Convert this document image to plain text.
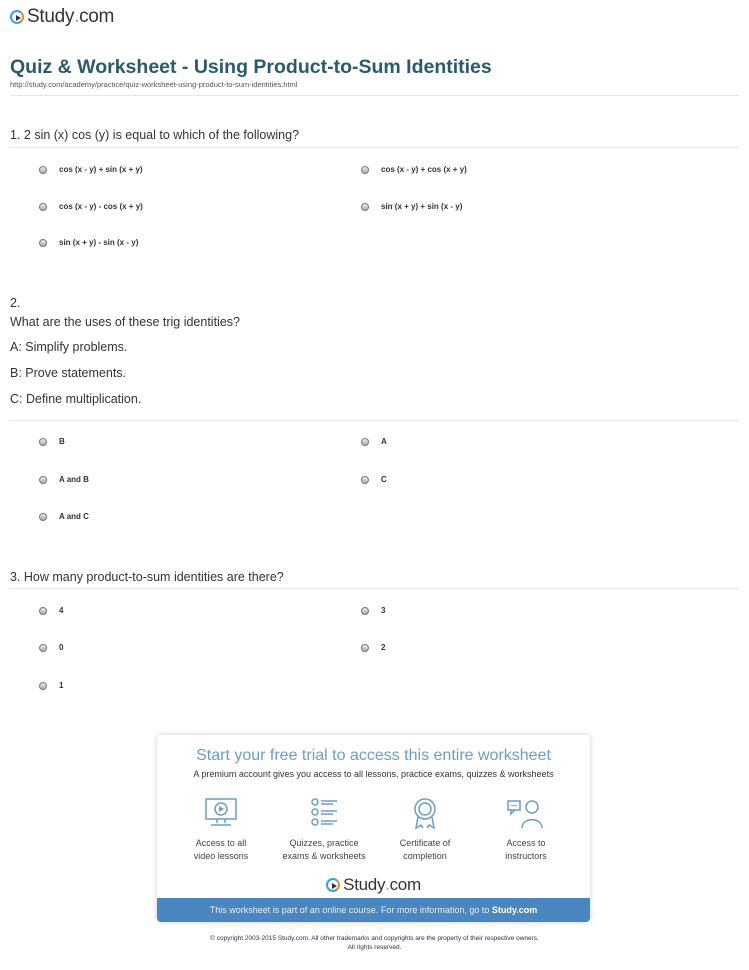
Study . com
Quiz & Worksheet - Using Product-to-Sum Identities
http://study.com/academy/practice/quiz-worksheet-using-product-to-sum-identities.html
1. 2 sin (x) cos (y) is equal to which of the following?
cos (x - y) + sin (x + y)	cos (x - y) + cos (x + y)
cos (x - y) - cos (x + y)	sin (x + y) + sin (x - y)
sin (x + y) - sin (x - y)
2.
What are the uses of these trig identities?
A: Simplify problems.
B: Prove statements.
C: Define multiplication.
B	A
A and B	C
A and C
3. How many product-to-sum identities are there?
4	3
0	2
1
Start your free trial to access this entire worksheet
A premium account gives you access to all lessons, practice exams, quizzes & worksheets
Access to all
video lessons
Quizzes, practice
exams & worksheets
Certificate of
completion
Access to
instructors
Study . com
This worksheet is part of an online course. For more information, go to Study.com
© copyright 2003-2015 Study.com. All other trademarks and copyrights are the property of their respective owners.
All rights reserved.
